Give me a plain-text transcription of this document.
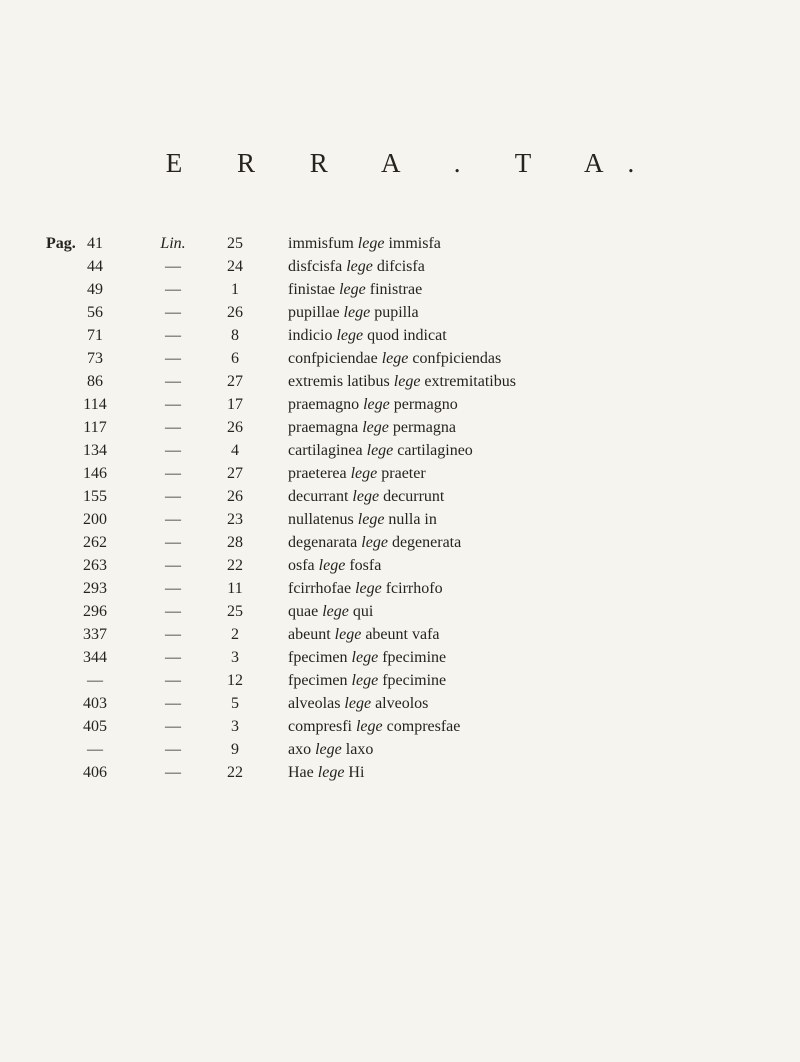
E R R A . T A.
Pag. 41	Lin.	25	immisfum lege immisfa
44	—	24	disfcisfa lege difcisfa
49	—	1	finistae lege finistrae
56	—	26	pupillae lege pupilla
71	—	8	indicio lege quod indicat
73	—	6	confpiciendae lege confpiciendas
86	—	27	extremis latibus lege extremitatibus
114	—	17	praemagno lege permagno
117	—	26	praemagna lege permagna
134	—	4	cartilaginea lege cartilagineo
146	—	27	praeterea lege praeter
155	—	26	decurrant lege decurrunt
200	—	23	nullatenus lege nulla in
262	—	28	degenarata lege degenerata
263	—	22	osfa lege fosfa
293	—	11	fcirrhofae lege fcirrhofo
296	—	25	quae lege qui
337	—	2	abeunt lege abeunt vafa
344	—	3	fpecimen lege fpecimine
—	—	12	fpecimen lege fpecimine
403	—	5	alveolas lege alveolos
405	—	3	compresfi lege compresfae
—	—	9	axo lege laxo
406	—	22	Hae lege Hi
